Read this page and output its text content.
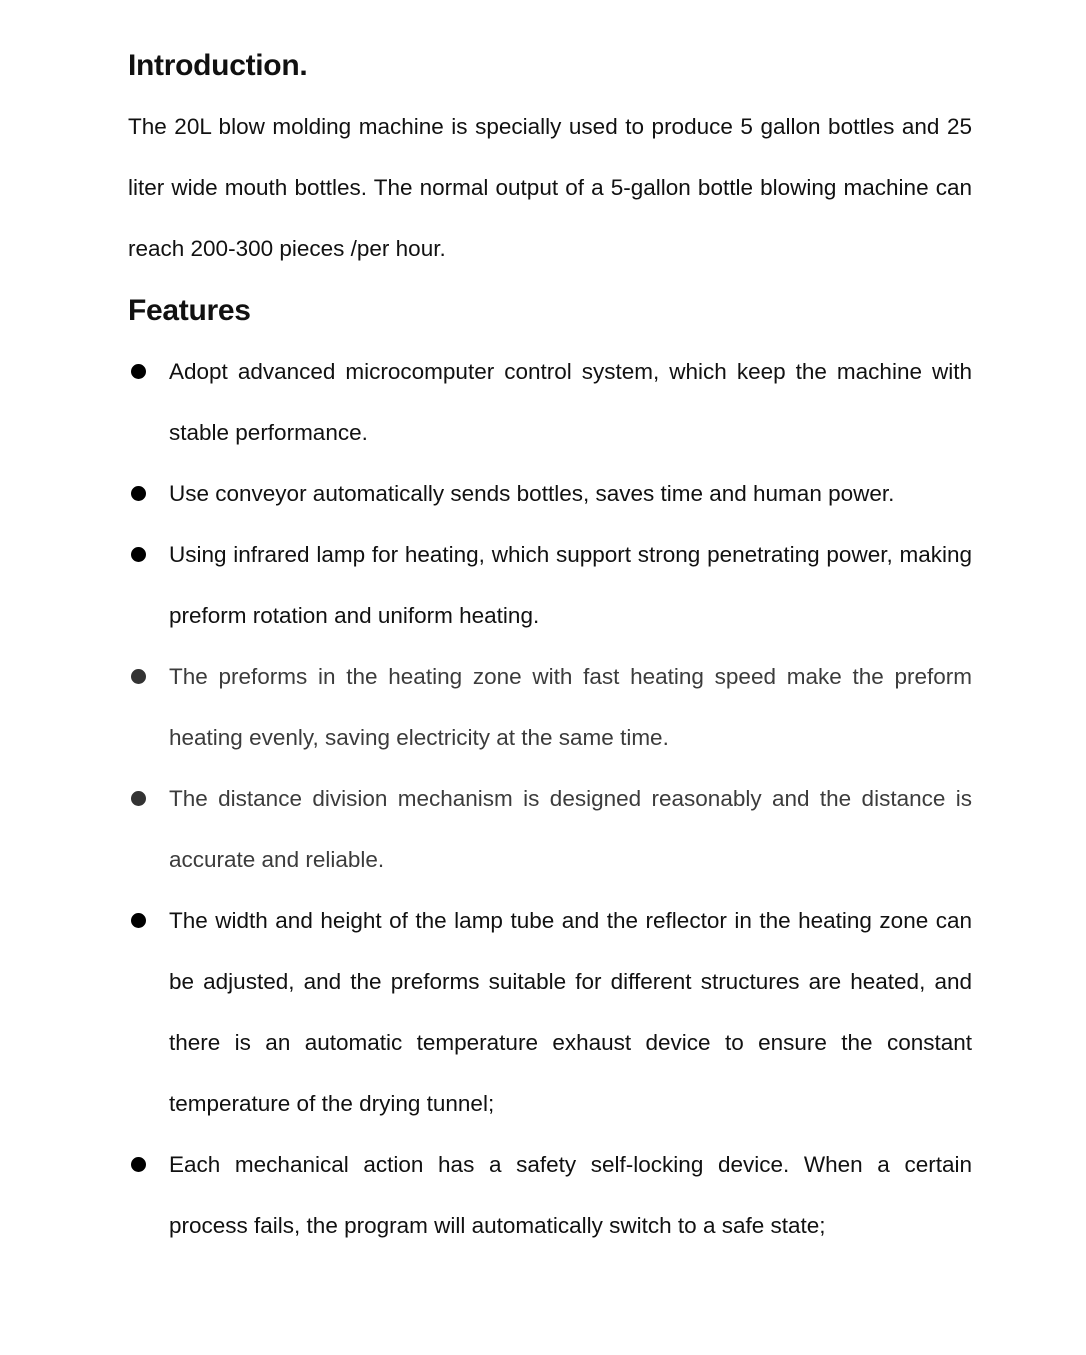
Introduction.

The 20L blow molding machine is specially used to produce 5 gallon bottles and 25 liter wide mouth bottles. The normal output of a 5-gallon bottle blowing machine can reach 200-300 pieces /per hour.

Features
Adopt advanced microcomputer control system, which keep the machine with stable performance.
Use conveyor automatically sends bottles, saves time and human power.
Using infrared lamp for heating, which support strong penetrating power, making preform rotation and uniform heating.
The preforms in the heating zone with fast heating speed make the preform heating evenly, saving electricity at the same time.
The distance division mechanism is designed reasonably and the distance is accurate and reliable.
The width and height of the lamp tube and the reflector in the heating zone can be adjusted, and the preforms suitable for different structures are heated, and there is an automatic temperature exhaust device to ensure the constant temperature of the drying tunnel;
Each mechanical action has a safety self-locking device. When a certain process fails, the program will automatically switch to a safe state;
